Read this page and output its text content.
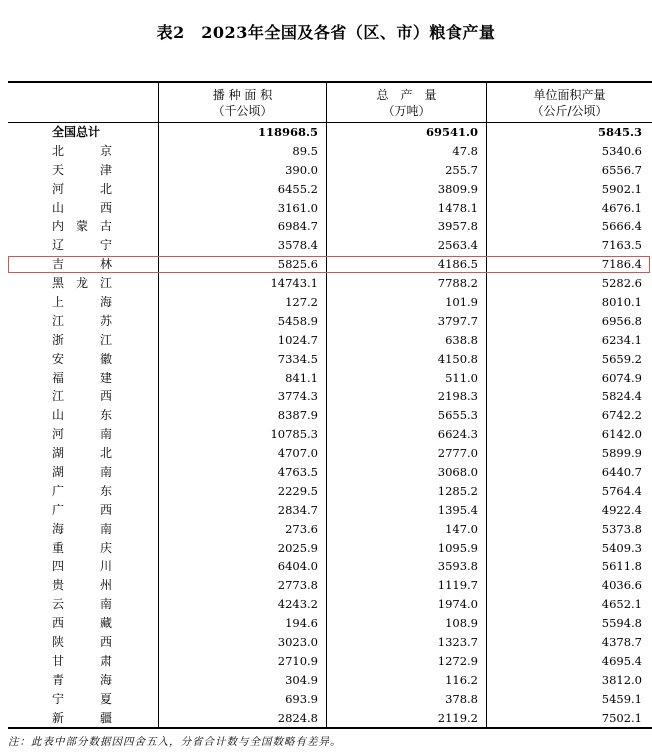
表2　2023年全国及各省（区、市）粮食产量
播 种 面 积
（千公顷）
总　产　量
（万吨）
单位面积产量
（公斤/公顷）
全国总计	118968.5	69541.0	5845.3
北	京	89.5	47.8	5340.6
天	津	390.0	255.7	6556.7
河	北	6455.2	3809.9	5902.1
山	西	3161.0	1478.1	4676.1
内 蒙 古	6984.7	3957.8	5666.4
辽	宁	3578.4	2563.4	7163.5
吉	林	5825.6	4186.5	7186.4
黑 龙 江	14743.1	7788.2	5282.6
上	海	127.2	101.9	8010.1
江	苏	5458.9	3797.7	6956.8
浙	江	1024.7	638.8	6234.1
安	徽	7334.5	4150.8	5659.2
福	建	841.1	511.0	6074.9
江	西	3774.3	2198.3	5824.4
山	东	8387.9	5655.3	6742.2
河	南	10785.3	6624.3	6142.0
湖	北	4707.0	2777.0	5899.9
湖	南	4763.5	3068.0	6440.7
广	东	2229.5	1285.2	5764.4
广	西	2834.7	1395.4	4922.4
海	南	273.6	147.0	5373.8
重	庆	2025.9	1095.9	5409.3
四	川	6404.0	3593.8	5611.8
贵	州	2773.8	1119.7	4036.6
云	南	4243.2	1974.0	4652.1
西	藏	194.6	108.9	5594.8
陕	西	3023.0	1323.7	4378.7
甘	肃	2710.9	1272.9	4695.4
青	海	304.9	116.2	3812.0
宁	夏	693.9	378.8	5459.1
新	疆	2824.8	2119.2	7502.1
注：此表中部分数据因四舍五入，分省合计数与全国数略有差异。
